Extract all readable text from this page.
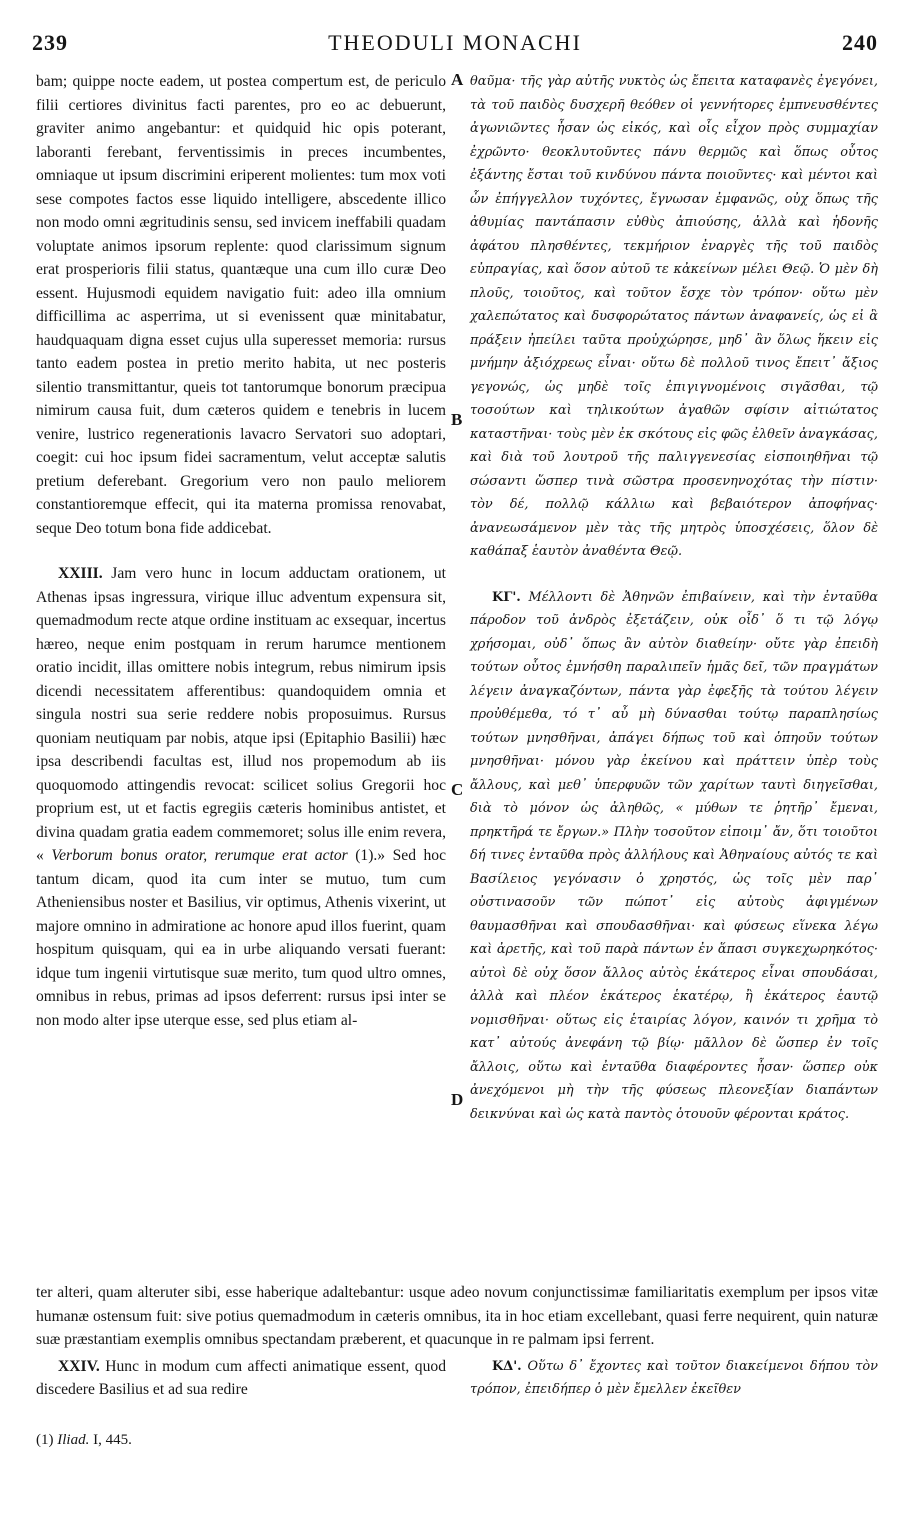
239	THEODULI MONACHI	240

bam; quippe nocte eadem, ut postea compertum est, de periculo filii certiores divinitus facti parentes, pro eo ac debuerunt, graviter animo angebantur: et quidquid hic opis poterant, laboranti ferebant, ferventissimis in preces incumbentes, omniaque ut ipsum discrimini eriperent molientes: tum mox voti sese compotes factos esse liquido intelligere, abscedente illico non modo omni ægritudinis sensu, sed invicem ineffabili quadam voluptate animos ipsorum replente: quod clarissimum signum erat prosperioris filii status, quantæque una cum illo curæ Deo essent. Hujusmodi equidem navigatio fuit: adeo illa omnium difficillima ac asperrima, ut si evenissent quæ minitabatur, haudquaquam digna esset cujus ulla superesset memoria: rursus tanto eadem postea in pretio merito habita, ut nec posteris silentio transmittantur, queis tot tantorumque bonorum præcipua nimirum causa fuit, dum cæteros quidem e tenebris in lucem venire, lustrico regenerationis lavacro Servatori suo adoptari, coegit: cui hoc ipsum fidei sacramentum, velut acceptæ salutis pretium deferebant. Gregorium vero non paulo meliorem constantioremque effecit, qui ita materna promissa renovabat, seque Deo totum bona fide addicebat.

XXIII. Jam vero hunc in locum adductam orationem, ut Athenas ipsas ingressura, virique illuc adventum expensura sit, quemadmodum recte atque ordine instituam ac exsequar, incertus hæreo, neque enim postquam in rerum harumce mentionem oratio incidit, illas omittere nobis integrum, rebus nimirum ipsis dicendi necessitatem afferentibus: quandoquidem omnia et singula nostri sua serie reddere nobis proposuimus. Rursus quoniam neutiquam par nobis, atque ipsi (Epitaphio Basilii) hæc ipsa describendi facultas est, illud nos propemodum ab iis quoquomodo attingendis revocat: scilicet solius Gregorii hoc proprium est, ut et factis egregiis cæteris hominibus antistet, et divina quadam gratia eadem commemoret; solus ille enim revera, « Verborum bonus orator, rerumque erat actor (1).» Sed hoc tantum dicam, quod ita cum inter se mutuo, tum cum Atheniensibus noster et Basilius, vir optimus, Athenis vixerint, ut majore omnino in admiratione ac honore apud illos fuerint, quam hospitum quisquam, qui ea in urbe aliquando versati fuerant: idque tum ingenii virtutisque suæ merito, tum quod ultro omnes, omnibus in rebus, primas ad ipsos deferrent: rursus ipsi inter se non modo alter ipse uterque esse, sed plus etiam al-

θαῦμα· τῆς γὰρ αὐτῆς νυκτὸς ὡς ἔπειτα καταφανὲς ἐγεγόνει, τὰ τοῦ παιδὸς δυσχερῆ θεόθεν οἱ γεννήτορες ἐμπνευσθέντες ἀγωνιῶντες ἦσαν ὡς εἰκός, καὶ οἷς εἶχον πρὸς συμμαχίαν ἐχρῶντο· θεοκλυτοῦντες πάνυ θερμῶς καὶ ὅπως οὗτος ἐξάντης ἔσται τοῦ κινδύνου πάντα ποιοῦντες· καὶ μέντοι καὶ ὧν ἐπήγγελλον τυχόντες, ἔγνωσαν ἐμφανῶς, οὐχ ὅπως τῆς ἀθυμίας παντάπασιν εὐθὺς ἀπιούσης, ἀλλὰ καὶ ἡδονῆς ἀφάτου πλησθέντες, τεκμήριον ἐναργὲς τῆς τοῦ παιδὸς εὐπραγίας, καὶ ὅσον αὐτοῦ τε κἀκείνων μέλει Θεῷ. Ὁ μὲν δὴ πλοῦς, τοιοῦτος, καὶ τοῦτον ἔσχε τὸν τρόπον· οὕτω μὲν χαλεπώτατος καὶ δυσφορώτατος πάντων ἀναφανείς, ὡς εἰ ἃ πράξειν ἠπείλει ταῦτα προὐχώρησε, μηδ᾽ ἂν ὅλως ἥκειν εἰς μνήμην ἀξιόχρεως εἶναι· οὕτω δὲ πολλοῦ τινος ἔπειτ᾽ ἄξιος γεγονώς, ὡς μηδὲ τοῖς ἐπιγιγνομένοις σιγᾶσθαι, τῷ τοσούτων καὶ τηλικούτων ἀγαθῶν σφίσιν αἰτιώτατος καταστῆναι· τοὺς μὲν ἐκ σκότους εἰς φῶς ἐλθεῖν ἀναγκάσας, καὶ διὰ τοῦ λουτροῦ τῆς παλιγγενεσίας εἰσποιηθῆναι τῷ σώσαντι ὥσπερ τινὰ σῶστρα προσενηνοχότας τὴν πίστιν· τὸν δέ, πολλῷ κάλλιω καὶ βεβαιότερον ἀποφήνας· ἀνανεωσάμενον μὲν τὰς τῆς μητρὸς ὑποσχέσεις, ὅλον δὲ καθάπαξ ἑαυτὸν ἀναθέντα Θεῷ.

ΚΓ'. Μέλλοντι δὲ Ἀθηνῶν ἐπιβαίνειν, καὶ τὴν ἐνταῦθα πάροδον τοῦ ἀνδρὸς ἐξετάζειν, οὐκ οἶδ᾽ ὅ τι τῷ λόγῳ χρήσομαι, οὐδ᾽ ὅπως ἂν αὐτὸν διαθείην· οὔτε γὰρ ἐπειδὴ τούτων οὗτος ἐμνήσθη παραλιπεῖν ἡμᾶς δεῖ, τῶν πραγμάτων λέγειν ἀναγκαζόντων, πάντα γὰρ ἐφεξῆς τὰ τούτου λέγειν προὐθέμεθα, τό τ᾽ αὖ μὴ δύνασθαι τούτῳ παραπλησίως τούτων μνησθῆναι, ἀπάγει δήπως τοῦ καὶ ὁπηοῦν τούτων μνησθῆναι· μόνου γὰρ ἐκείνου καὶ πράττειν ὑπὲρ τοὺς ἄλλους, καὶ μεθ᾽ ὑπερφυῶν τῶν χαρίτων ταυτὶ διηγεῖσθαι, διὰ τὸ μόνον ὡς ἀληθῶς, « μύθων τε ῥητῆρ᾽ ἔμεναι, πρηκτῆρά τε ἔργων.» Πλὴν τοσοῦτον εἰποιμ᾽ ἄν, ὅτι τοιοῦτοι δή τινες ἐνταῦθα πρὸς ἀλλήλους καὶ Ἀθηναίους αὐτός τε καὶ Βασίλειος γεγόνασιν ὁ χρηστός, ὡς τοῖς μὲν παρ᾽ οὐστινασοῦν τῶν πώποτ᾽ εἰς αὐτοὺς ἀφιγμένων θαυμασθῆναι καὶ σπουδασθῆναι· καὶ φύσεως εἵνεκα λέγω καὶ ἀρετῆς, καὶ τοῦ παρὰ πάντων ἐν ἅπασι συγκεχωρηκότος· αὐτοὶ δὲ οὐχ ὅσον ἄλλος αὐτὸς ἑκάτερος εἶναι σπουδάσαι, ἀλλὰ καὶ πλέον ἑκάτερος ἑκατέρῳ, ἢ ἑκάτερος ἑαυτῷ νομισθῆναι· οὕτως εἰς ἑταιρίας λόγον, καινόν τι χρῆμα τὸ κατ᾽ αὐτούς ἀνεφάνη τῷ βίῳ· μᾶλλον δὲ ὥσπερ ἐν τοῖς ἄλλοις, οὕτω καὶ ἐνταῦθα διαφέροντες ἦσαν· ὥσπερ οὐκ ἀνεχόμενοι μὴ τὴν τῆς φύσεως πλεονεξίαν διαπάντων δεικνύναι καὶ ὡς κατὰ παντὸς ὁτουοῦν φέρονται κράτος.

A
B
C
D

ter alteri, quam alteruter sibi, esse haberique adaltebantur: usque adeo novum conjunctissimæ familiaritatis exemplum per ipsos vitæ humanæ ostensum fuit: sive potius quemadmodum in cæteris omnibus, ita in hoc etiam excellebant, quasi ferre nequirent, quin naturæ suæ præstantiam exemplis omnibus spectandam præberent, et quacunque in re palmam ipsi ferrent.

XXIV. Hunc in modum cum affecti animatique essent, quod discedere Basilius et ad sua redire

ΚΔ'. Οὕτω δ᾽ ἔχοντες καὶ τοῦτον διακείμενοι δήπου τὸν τρόπον, ἐπειδήπερ ὁ μὲν ἔμελλεν ἐκεῖθεν

(1) Iliad. I, 445.
